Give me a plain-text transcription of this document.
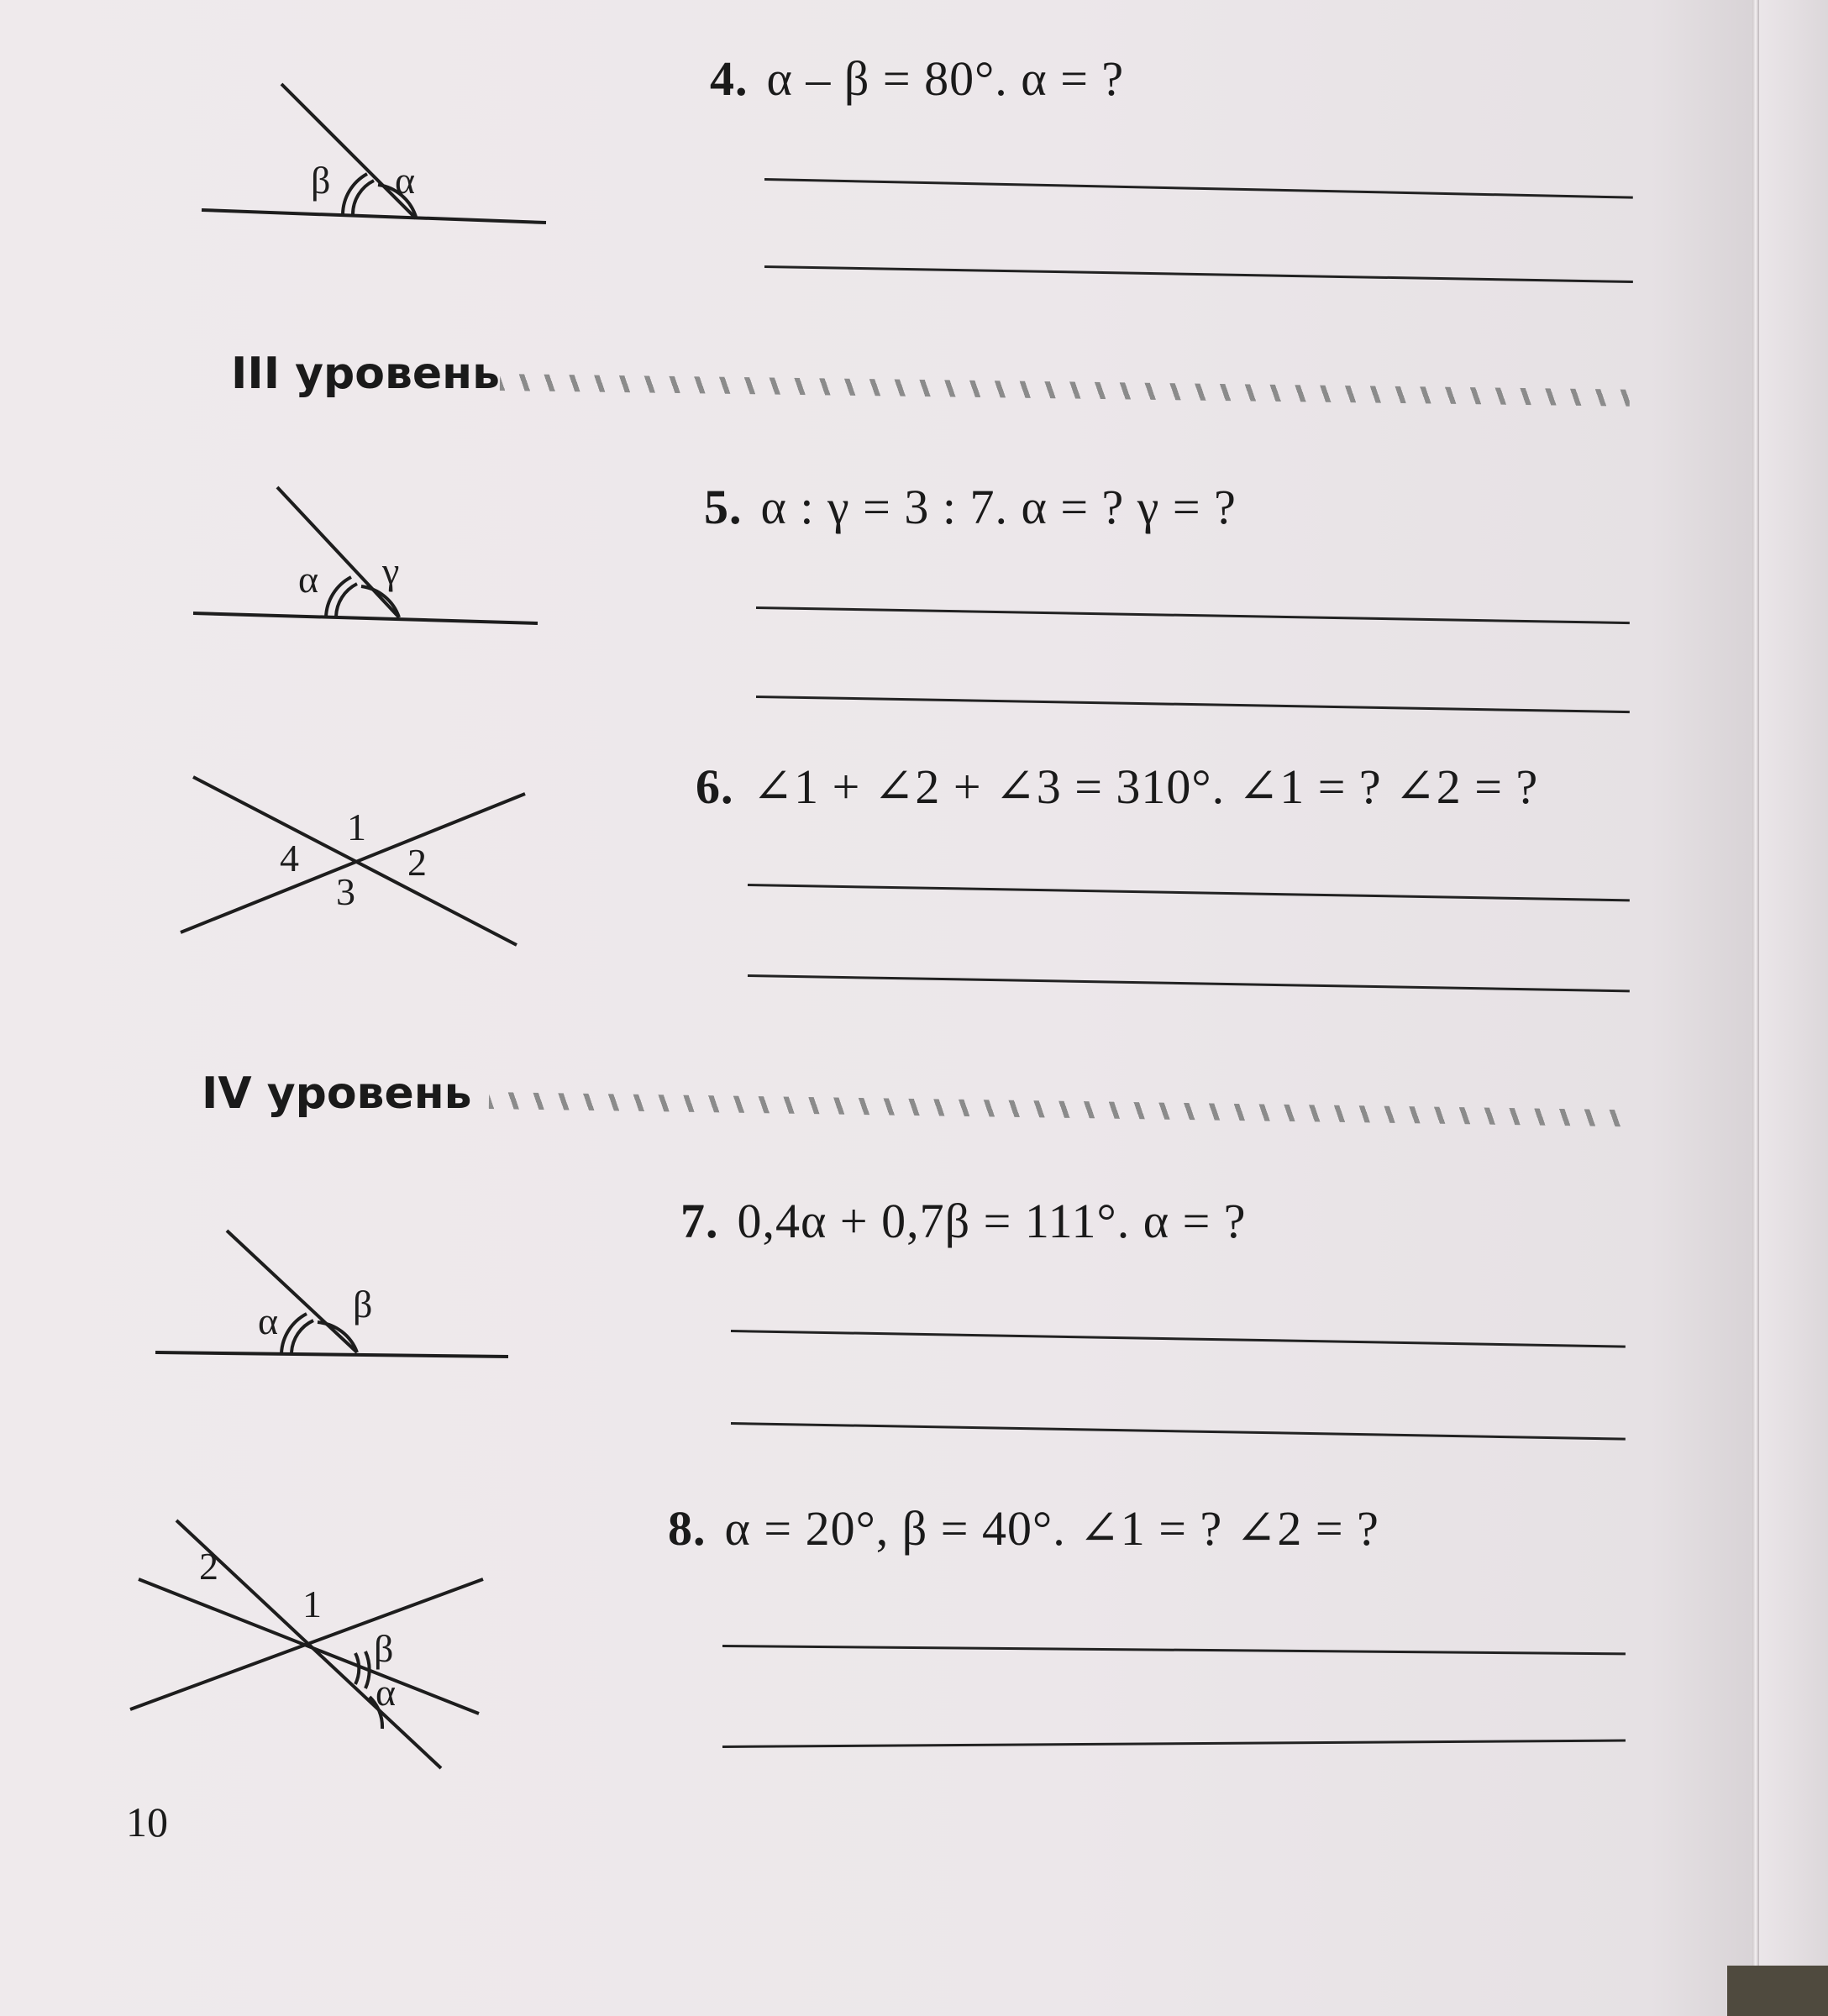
4. α – β = 80°. α = ?
β α
III уровень
5. α : γ = 3 : 7. α = ? γ = ?
α γ
6. ∠1 + ∠2 + ∠3 = 310°. ∠1 = ? ∠2 = ?
1
2
3
4
IV уровень
7. 0,4α + 0,7β = 111°. α = ?
α β
8. α = 20°, β = 40°. ∠1 = ? ∠2 = ?
2
1
β
α
10
